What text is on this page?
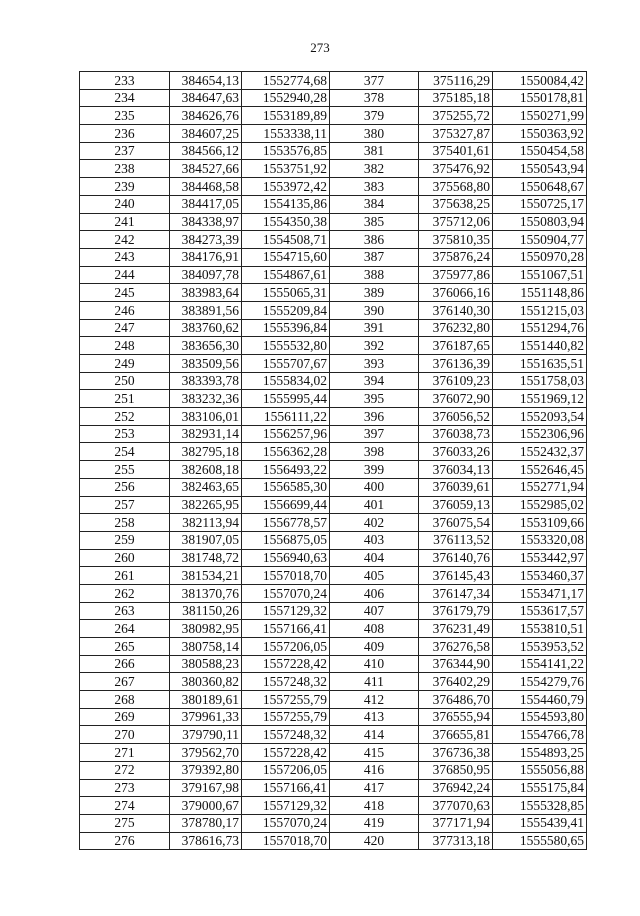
273
233	384654,13	1552774,68	377	375116,29	1550084,42
234	384647,63	1552940,28	378	375185,18	1550178,81
235	384626,76	1553189,89	379	375255,72	1550271,99
236	384607,25	1553338,11	380	375327,87	1550363,92
237	384566,12	1553576,85	381	375401,61	1550454,58
238	384527,66	1553751,92	382	375476,92	1550543,94
239	384468,58	1553972,42	383	375568,80	1550648,67
240	384417,05	1554135,86	384	375638,25	1550725,17
241	384338,97	1554350,38	385	375712,06	1550803,94
242	384273,39	1554508,71	386	375810,35	1550904,77
243	384176,91	1554715,60	387	375876,24	1550970,28
244	384097,78	1554867,61	388	375977,86	1551067,51
245	383983,64	1555065,31	389	376066,16	1551148,86
246	383891,56	1555209,84	390	376140,30	1551215,03
247	383760,62	1555396,84	391	376232,80	1551294,76
248	383656,30	1555532,80	392	376187,65	1551440,82
249	383509,56	1555707,67	393	376136,39	1551635,51
250	383393,78	1555834,02	394	376109,23	1551758,03
251	383232,36	1555995,44	395	376072,90	1551969,12
252	383106,01	1556111,22	396	376056,52	1552093,54
253	382931,14	1556257,96	397	376038,73	1552306,96
254	382795,18	1556362,28	398	376033,26	1552432,37
255	382608,18	1556493,22	399	376034,13	1552646,45
256	382463,65	1556585,30	400	376039,61	1552771,94
257	382265,95	1556699,44	401	376059,13	1552985,02
258	382113,94	1556778,57	402	376075,54	1553109,66
259	381907,05	1556875,05	403	376113,52	1553320,08
260	381748,72	1556940,63	404	376140,76	1553442,97
261	381534,21	1557018,70	405	376145,43	1553460,37
262	381370,76	1557070,24	406	376147,34	1553471,17
263	381150,26	1557129,32	407	376179,79	1553617,57
264	380982,95	1557166,41	408	376231,49	1553810,51
265	380758,14	1557206,05	409	376276,58	1553953,52
266	380588,23	1557228,42	410	376344,90	1554141,22
267	380360,82	1557248,32	411	376402,29	1554279,76
268	380189,61	1557255,79	412	376486,70	1554460,79
269	379961,33	1557255,79	413	376555,94	1554593,80
270	379790,11	1557248,32	414	376655,81	1554766,78
271	379562,70	1557228,42	415	376736,38	1554893,25
272	379392,80	1557206,05	416	376850,95	1555056,88
273	379167,98	1557166,41	417	376942,24	1555175,84
274	379000,67	1557129,32	418	377070,63	1555328,85
275	378780,17	1557070,24	419	377171,94	1555439,41
276	378616,73	1557018,70	420	377313,18	1555580,65
